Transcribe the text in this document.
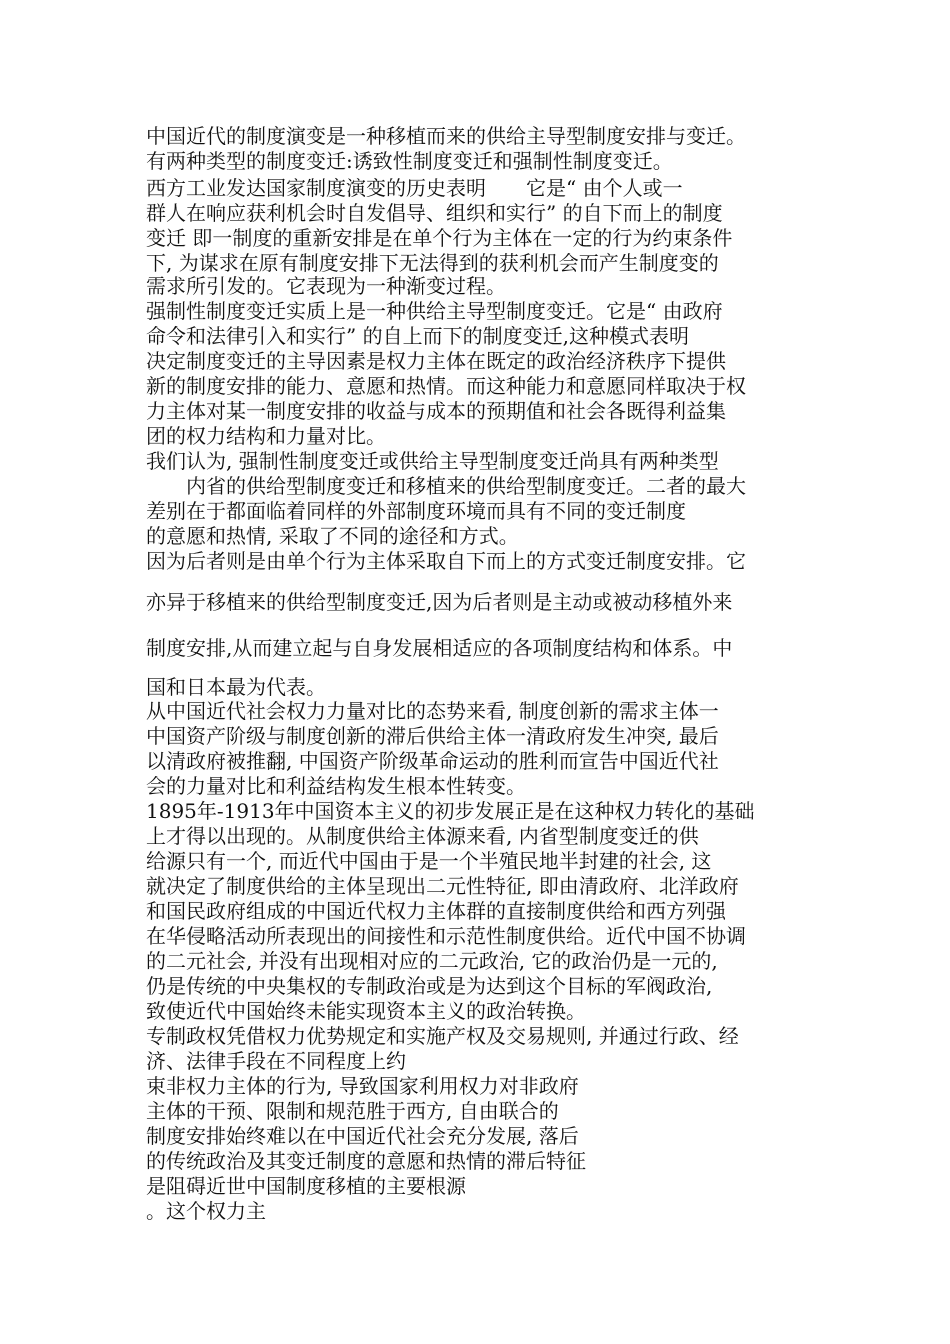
中国近代的制度演变是一种移植而来的供给主导型制度安排与变迁。
有两种类型的制度变迁:诱致性制度变迁和强制性制度变迁。
西方工业发达国家制度演变的历史表明　　它是“ 由个人或一
群人在响应获利机会时自发倡导、组织和实行” 的自下而上的制度
变迁 即一制度的重新安排是在单个行为主体在一定的行为约束条件
下, 为谋求在原有制度安排下无法得到的获利机会而产生制度变的
需求所引发的。它表现为一种渐变过程。
强制性制度变迁实质上是一种供给主导型制度变迁。它是“ 由政府
命令和法律引入和实行” 的自上而下的制度变迁,这种模式表明
决定制度变迁的主导因素是权力主体在既定的政治经济秩序下提供
新的制度安排的能力、意愿和热情。而这种能力和意愿同样取决于权
力主体对某一制度安排的收益与成本的预期值和社会各既得利益集
团的权力结构和力量对比。
我们认为, 强制性制度变迁或供给主导型制度变迁尚具有两种类型
　　内省的供给型制度变迁和移植来的供给型制度变迁。二者的最大
差别在于都面临着同样的外部制度环境而具有不同的变迁制度
的意愿和热情, 采取了不同的途径和方式。
因为后者则是由单个行为主体采取自下而上的方式变迁制度安排。它
亦异于移植来的供给型制度变迁,因为后者则是主动或被动移植外来
制度安排,从而建立起与自身发展相适应的各项制度结构和体系。中
国和日本最为代表。
从中国近代社会权力力量对比的态势来看, 制度创新的需求主体一
中国资产阶级与制度创新的滞后供给主体一清政府发生冲突, 最后
以清政府被推翻, 中国资产阶级革命运动的胜利而宣告中国近代社
会的力量对比和利益结构发生根本性转变。
1895年-1913年中国资本主义的初步发展正是在这种权力转化的基础
上才得以出现的。从制度供给主体源来看, 内省型制度变迁的供
给源只有一个, 而近代中国由于是一个半殖民地半封建的社会, 这
就决定了制度供给的主体呈现出二元性特征, 即由清政府、北洋政府
和国民政府组成的中国近代权力主体群的直接制度供给和西方列强
在华侵略活动所表现出的间接性和示范性制度供给。近代中国不协调
的二元社会, 并没有出现相对应的二元政治, 它的政治仍是一元的,
仍是传统的中央集权的专制政治或是为达到这个目标的军阀政治,
致使近代中国始终未能实现资本主义的政治转换。
专制政权凭借权力优势规定和实施产权及交易规则, 并通过行政、经
济、法律手段在不同程度上约
束非权力主体的行为, 导致国家利用权力对非政府
主体的干预、限制和规范胜于西方, 自由联合的
制度安排始终难以在中国近代社会充分发展, 落后
的传统政治及其变迁制度的意愿和热情的滞后特征
是阻碍近世中国制度移植的主要根源
。这个权力主
